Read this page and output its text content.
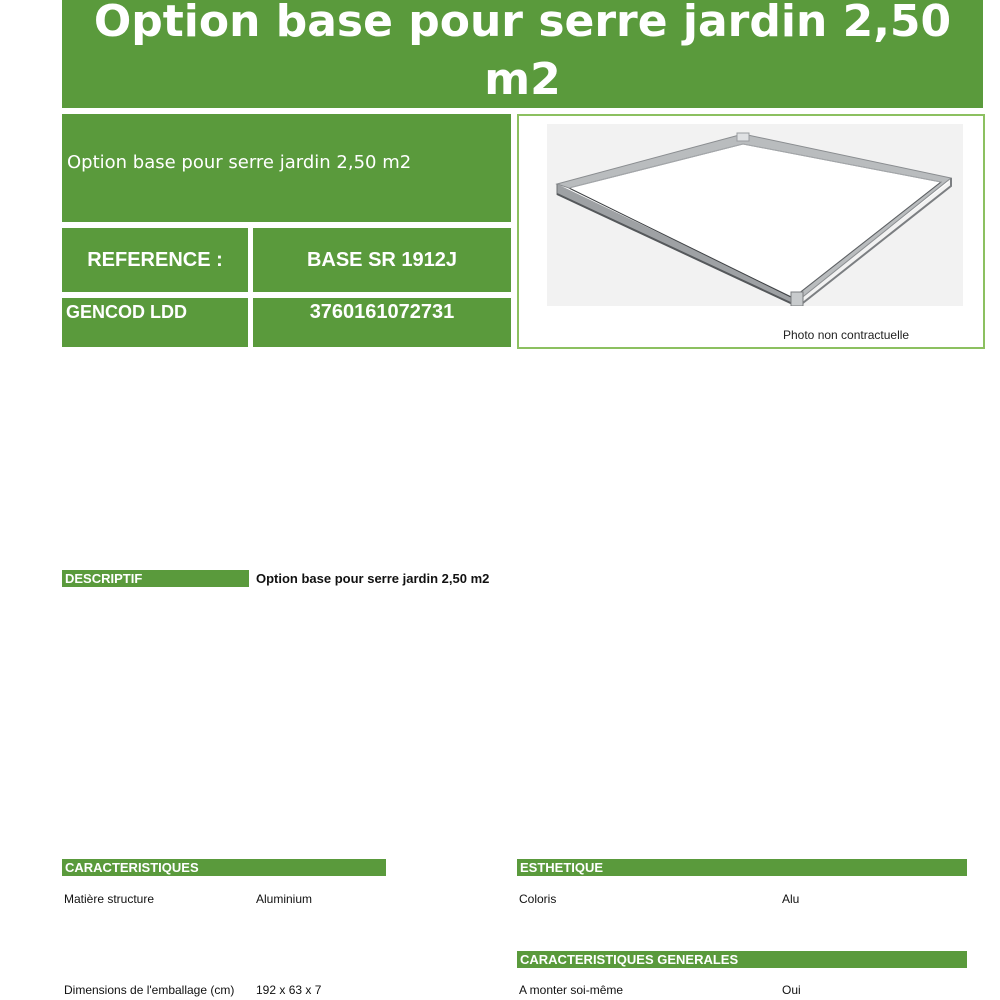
Option base pour serre jardin 2,50 m2
Option base pour serre jardin 2,50 m2
REFERENCE :	BASE SR 1912J
GENCOD LDD	3760161072731
Photo non contractuelle
DESCRIPTIF	Option base pour serre jardin 2,50 m2
CARACTERISTIQUES
Matière structure	Aluminium
Dimensions de l'emballage (cm) 192 x 63 x 7
ESTHETIQUE
Coloris	Alu
CARACTERISTIQUES GENERALES
A monter soi-même	Oui
